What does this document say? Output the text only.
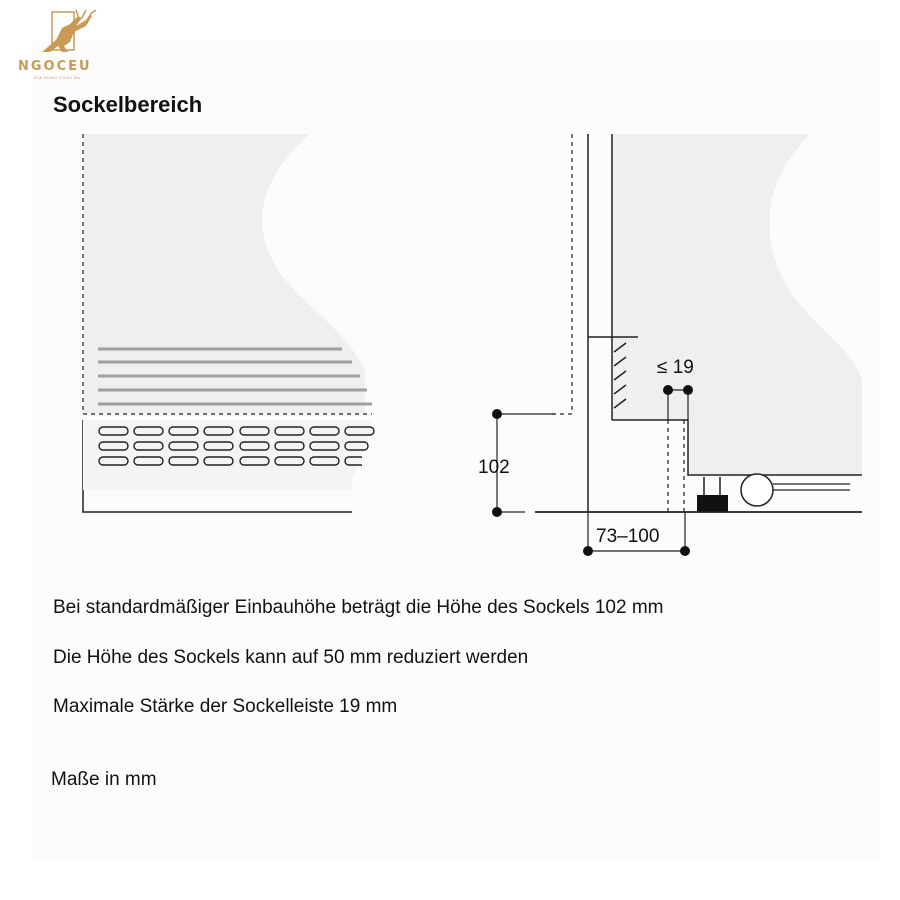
NGOCEU
GIA DỤNG CHÂU ÂU
Sockelbereich
102
≤ 19
73–100

Bei standardmäßiger Einbauhöhe beträgt die Höhe des Sockels 102 mm

Die Höhe des Sockels kann auf 50 mm reduziert werden

Maximale Stärke der Sockelleiste 19 mm

Maße in mm
